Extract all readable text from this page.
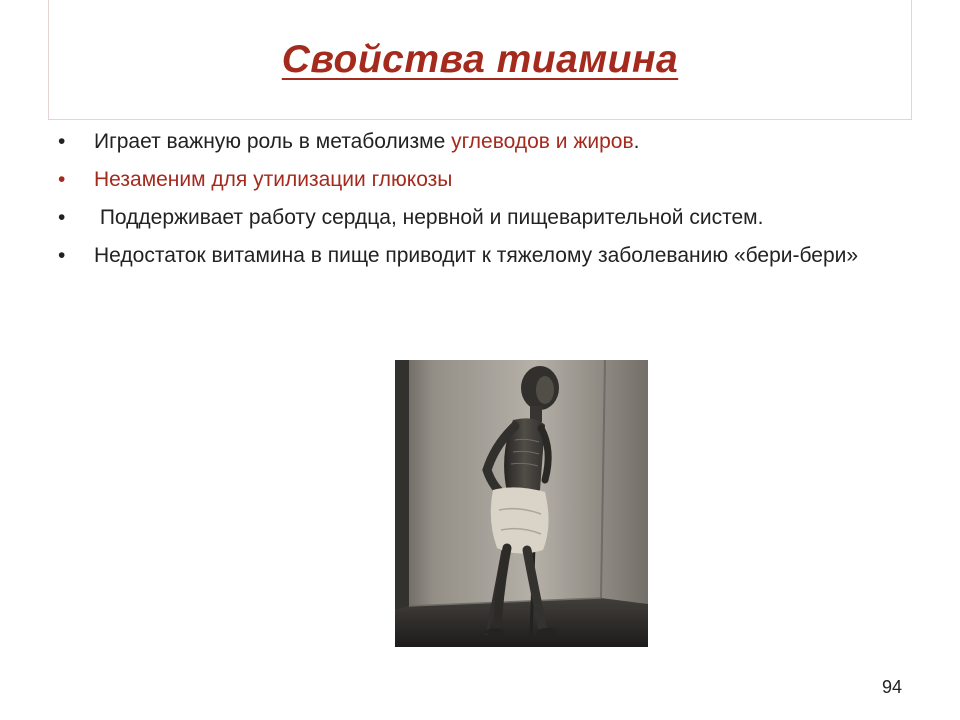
Свойства тиамина
• Играет важную роль в метаболизме углеводов и жиров.
• Незаменим для утилизации глюкозы
• Поддерживает работу сердца, нервной и пищеварительной систем.
• Недостаток витамина в пище приводит к тяжелому заболеванию «бери-бери»
94
